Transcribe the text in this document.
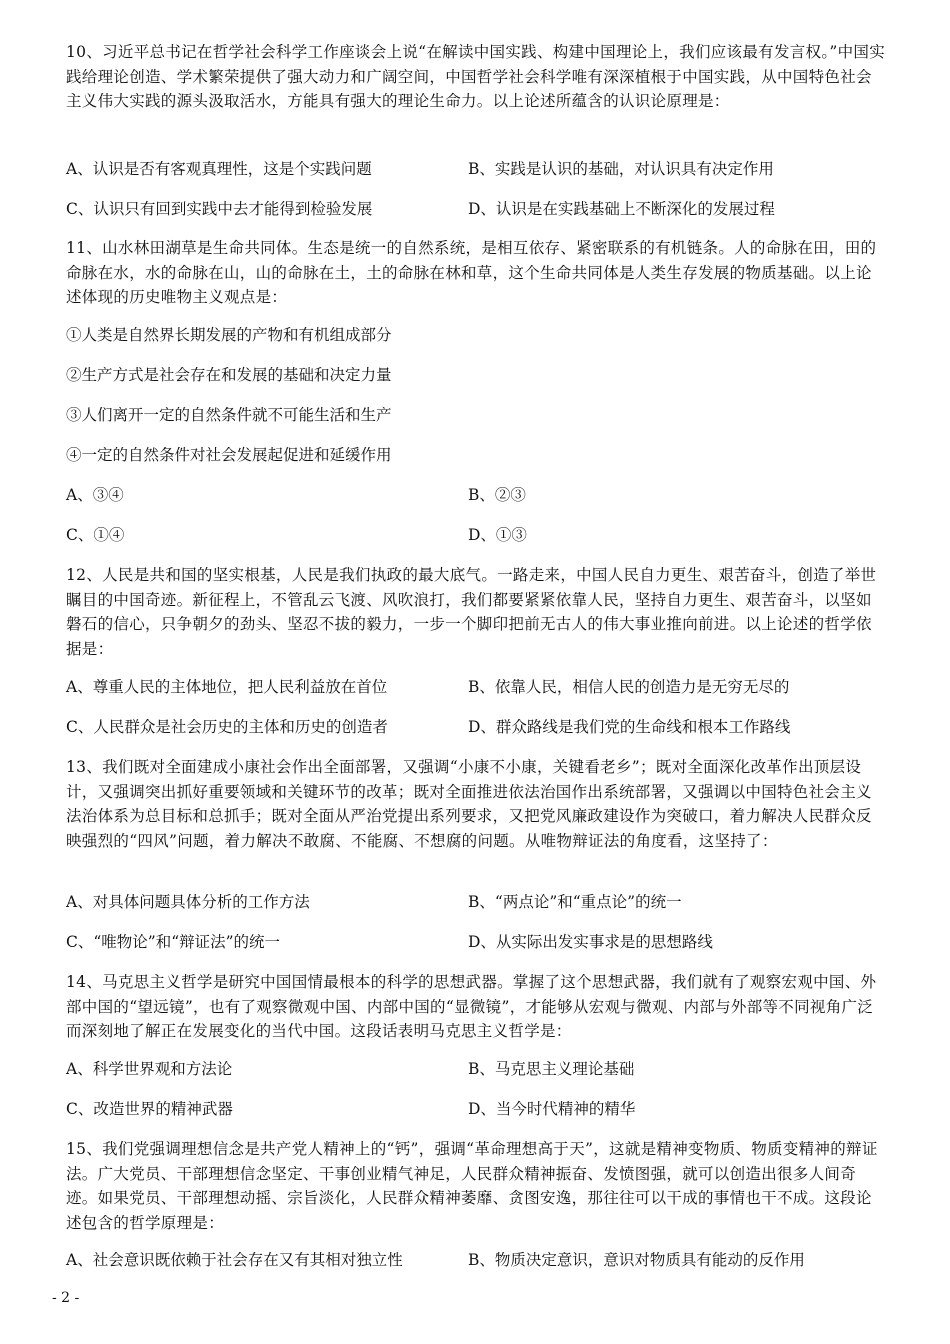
10、习近平总书记在哲学社会科学工作座谈会上说“在解读中国实践、构建中国理论上，我们应该最有发言权。”中国实践给理论创造、学术繁荣提供了强大动力和广阔空间，中国哲学社会科学唯有深深植根于中国实践，从中国特色社会主义伟大实践的源头汲取活水，方能具有强大的理论生命力。以上论述所蕴含的认识论原理是：

A、认识是否有客观真理性，这是个实践问题	B、实践是认识的基础，对认识具有决定作用

C、认识只有回到实践中去才能得到检验发展	D、认识是在实践基础上不断深化的发展过程

11、山水林田湖草是生命共同体。生态是统一的自然系统，是相互依存、紧密联系的有机链条。人的命脉在田，田的命脉在水，水的命脉在山，山的命脉在土，土的命脉在林和草，这个生命共同体是人类生存发展的物质基础。以上论述体现的历史唯物主义观点是：

①人类是自然界长期发展的产物和有机组成部分

②生产方式是社会存在和发展的基础和决定力量

③人们离开一定的自然条件就不可能生活和生产

④一定的自然条件对社会发展起促进和延缓作用

A、③④	B、②③

C、①④	D、①③

12、人民是共和国的坚实根基，人民是我们执政的最大底气。一路走来，中国人民自力更生、艰苦奋斗，创造了举世瞩目的中国奇迹。新征程上，不管乱云飞渡、风吹浪打，我们都要紧紧依靠人民，坚持自力更生、艰苦奋斗，以坚如磐石的信心，只争朝夕的劲头、坚忍不拔的毅力，一步一个脚印把前无古人的伟大事业推向前进。以上论述的哲学依据是：

A、尊重人民的主体地位，把人民利益放在首位	B、依靠人民，相信人民的创造力是无穷无尽的

C、人民群众是社会历史的主体和历史的创造者	D、群众路线是我们党的生命线和根本工作路线

13、我们既对全面建成小康社会作出全面部署，又强调“小康不小康，关键看老乡”；既对全面深化改革作出顶层设计，又强调突出抓好重要领域和关键环节的改革；既对全面推进依法治国作出系统部署，又强调以中国特色社会主义法治体系为总目标和总抓手；既对全面从严治党提出系列要求，又把党风廉政建设作为突破口，着力解决人民群众反映强烈的“四风”问题，着力解决不敢腐、不能腐、不想腐的问题。从唯物辩证法的角度看，这坚持了：

A、对具体问题具体分析的工作方法	B、“两点论”和“重点论”的统一

C、“唯物论”和“辩证法”的统一	D、从实际出发实事求是的思想路线

14、马克思主义哲学是研究中国国情最根本的科学的思想武器。掌握了这个思想武器，我们就有了观察宏观中国、外部中国的“望远镜”，也有了观察微观中国、内部中国的“显微镜”，才能够从宏观与微观、内部与外部等不同视角广泛而深刻地了解正在发展变化的当代中国。这段话表明马克思主义哲学是：

A、科学世界观和方法论	B、马克思主义理论基础

C、改造世界的精神武器	D、当今时代精神的精华

15、我们党强调理想信念是共产党人精神上的“钙”，强调“革命理想高于天”，这就是精神变物质、物质变精神的辩证法。广大党员、干部理想信念坚定、干事创业精气神足，人民群众精神振奋、发愤图强，就可以创造出很多人间奇迹。如果党员、干部理想动摇、宗旨淡化，人民群众精神萎靡、贪图安逸，那往往可以干成的事情也干不成。这段论述包含的哲学原理是：

A、社会意识既依赖于社会存在又有其相对独立性	B、物质决定意识，意识对物质具有能动的反作用

- 2 -
